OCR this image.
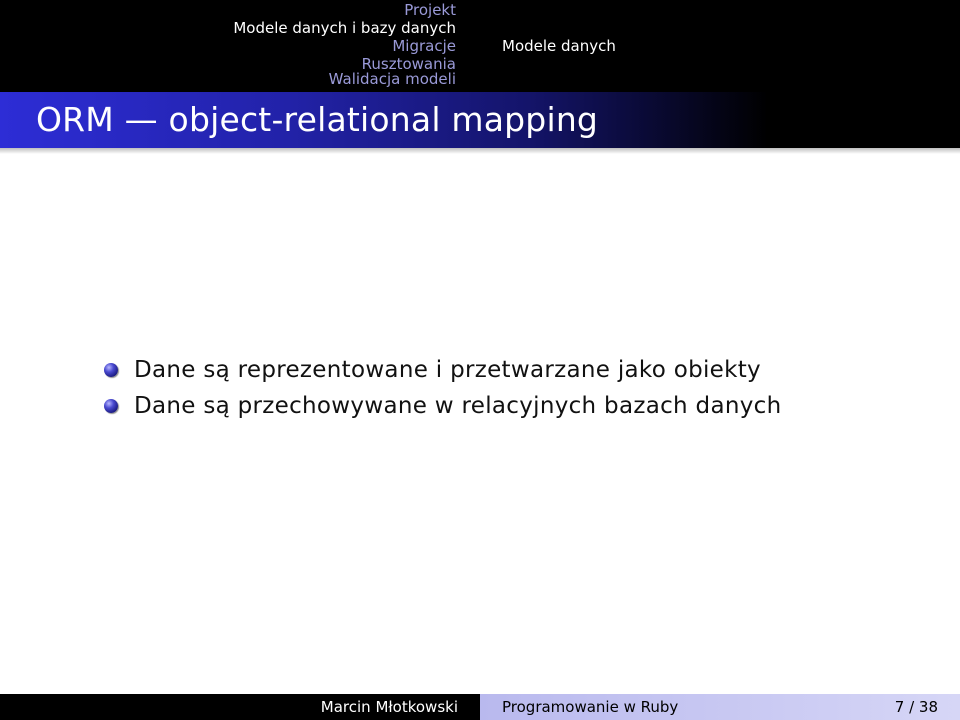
Projekt
Modele danych i bazy danych
Migracje
Rusztowania
Walidacja modeli
Modele danych
ORM — object-relational mapping
Dane są reprezentowane i przetwarzane jako obiekty
Dane są przechowywane w relacyjnych bazach danych
Marcin Młotkowski	Programowanie w Ruby	7 / 38
